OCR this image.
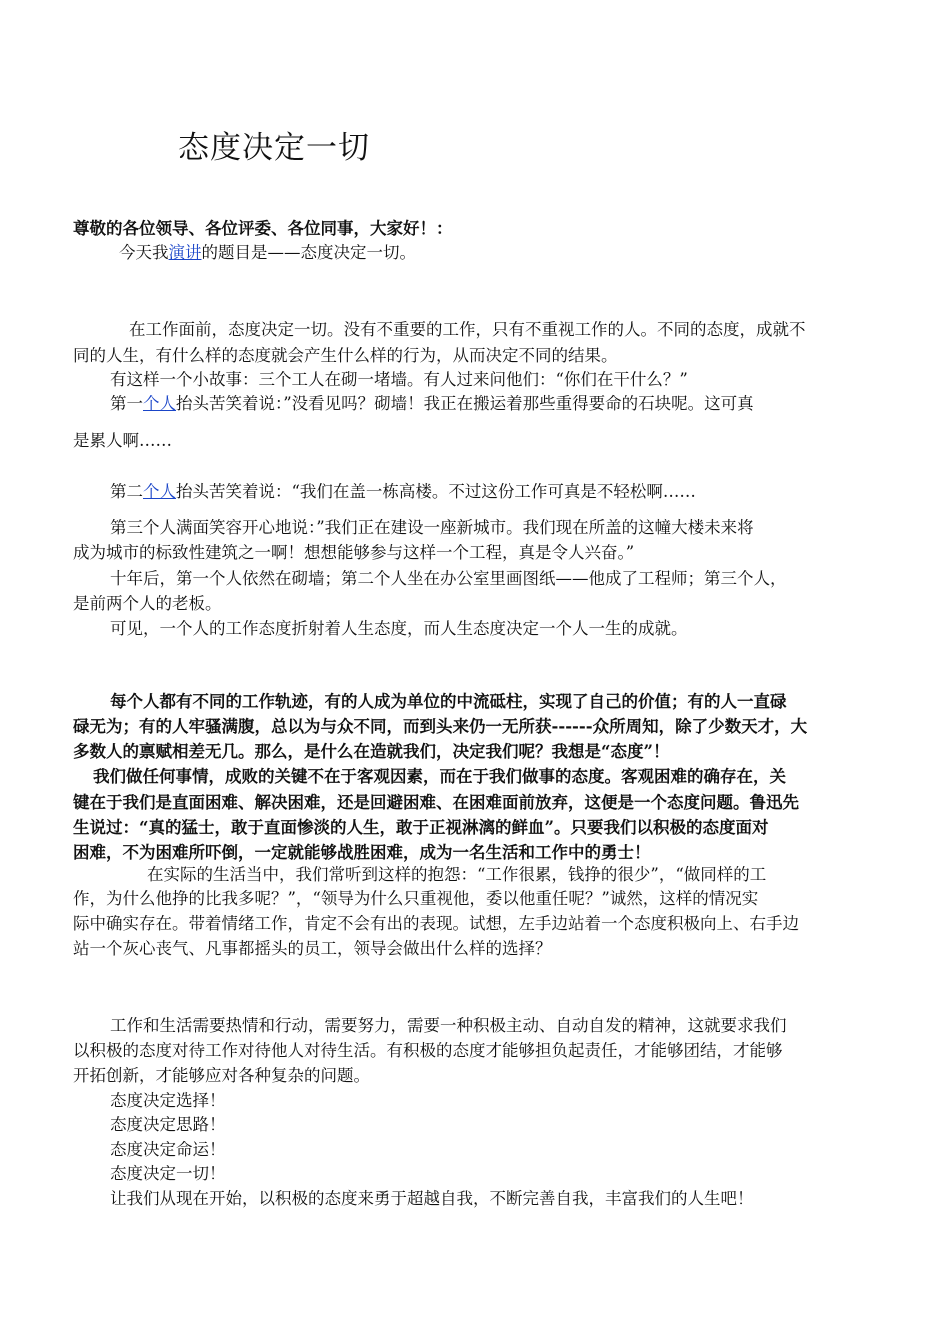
态度决定一切
尊敬的各位领导、各位评委、各位同事，大家好！：
今天我演讲的题目是——态度决定一切。
在工作面前，态度决定一切。没有不重要的工作，只有不重视工作的人。不同的态度，成就不
同的人生，有什么样的态度就会产生什么样的行为，从而决定不同的结果。
有这样一个小故事：三个工人在砌一堵墙。有人过来问他们：“你们在干什么？”
第一个人抬头苦笑着说：”没看见吗？砌墙！我正在搬运着那些重得要命的石块呢。这可真
是累人啊……
第二个人抬头苦笑着说：“我们在盖一栋高楼。不过这份工作可真是不轻松啊……
第三个人满面笑容开心地说：”我们正在建设一座新城市。我们现在所盖的这幢大楼未来将
成为城市的标致性建筑之一啊！想想能够参与这样一个工程，真是令人兴奋。”
十年后，第一个人依然在砌墙；第二个人坐在办公室里画图纸——他成了工程师；第三个人，
是前两个人的老板。
可见，一个人的工作态度折射着人生态度，而人生态度决定一个人一生的成就。
每个人都有不同的工作轨迹，有的人成为单位的中流砥柱，实现了自己的价值；有的人一直碌
碌无为；有的人牢骚满腹，总以为与众不同，而到头来仍一无所获------众所周知，除了少数天才，大
多数人的禀赋相差无几。那么，是什么在造就我们，决定我们呢？我想是“态度”！
我们做任何事情，成败的关键不在于客观因素，而在于我们做事的态度。客观困难的确存在，关
键在于我们是直面困难、解决困难，还是回避困难、在困难面前放弃，这便是一个态度问题。鲁迅先
生说过：“真的猛士，敢于直面惨淡的人生，敢于正视淋漓的鲜血”。只要我们以积极的态度面对
困难，不为困难所吓倒，一定就能够战胜困难，成为一名生活和工作中的勇士！
在实际的生活当中，我们常听到这样的抱怨：“工作很累，钱挣的很少”，“做同样的工
作，为什么他挣的比我多呢？”，“领导为什么只重视他，委以他重任呢？”诚然，这样的情况实
际中确实存在。带着情绪工作，肯定不会有出的表现。试想，左手边站着一个态度积极向上、右手边
站一个灰心丧气、凡事都摇头的员工，领导会做出什么样的选择？
工作和生活需要热情和行动，需要努力，需要一种积极主动、自动自发的精神，这就要求我们
以积极的态度对待工作对待他人对待生活。有积极的态度才能够担负起责任，才能够团结，才能够
开拓创新，才能够应对各种复杂的问题。
态度决定选择！
态度决定思路！
态度决定命运！
态度决定一切！
让我们从现在开始，以积极的态度来勇于超越自我，不断完善自我，丰富我们的人生吧！
